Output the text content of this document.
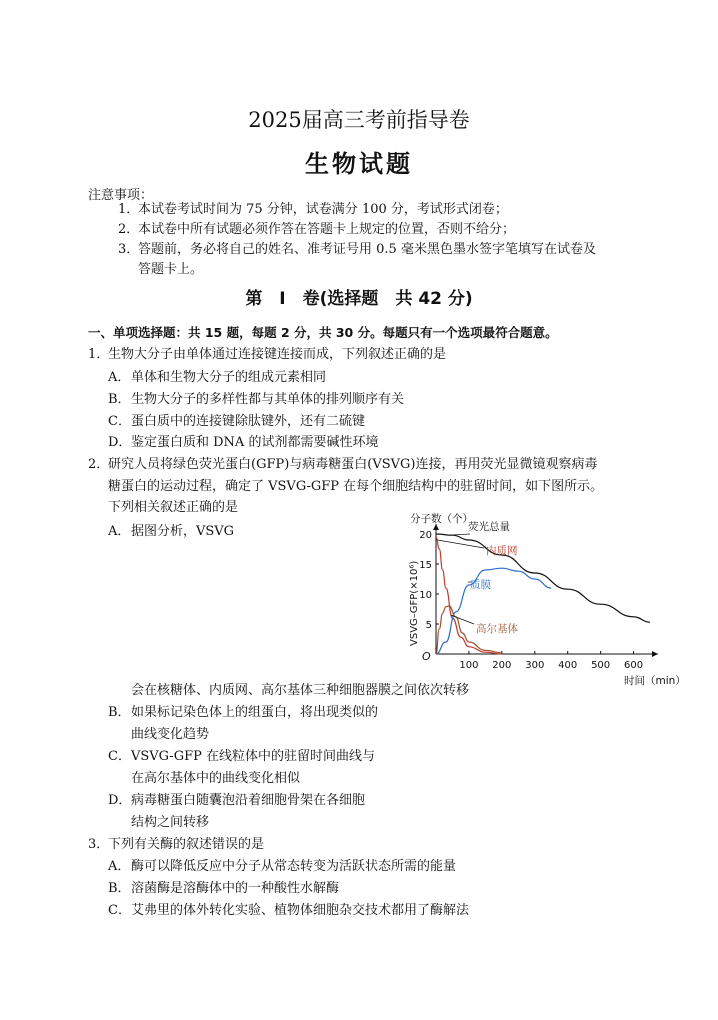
2025届高三考前指导卷
生物试题
注意事项：
1．
本试卷考试时间为 75 分钟，试卷满分 100 分，考试形式闭卷；
2．
本试卷中所有试题必须作答在答题卡上规定的位置，否则不给分；
3．
答题前，务必将自己的姓名、准考证号用 0.5 毫米黑色墨水签字笔填写在试卷及
答题卡上。
第　I　卷(选择题　共 42 分)
一、单项选择题：共 15 题，每题 2 分，共 30 分。每题只有一个选项最符合题意。
1．
生物大分子由单体通过连接键连接而成，下列叙述正确的是
A． 单体和生物大分子的组成元素相同
B． 生物大分子的多样性都与其单体的排列顺序有关
C． 蛋白质中的连接键除肽键外，还有二硫键
D． 鉴定蛋白质和 DNA 的试剂都需要碱性环境
2．
研究人员将绿色荧光蛋白(GFP)与病毒糖蛋白(VSVG)连接，再用荧光显微镜观察病毒
糖蛋白的运动过程，确定了 VSVG-GFP 在每个细胞结构中的驻留时间，如下图所示。
下列相关叙述正确的是
A． 据图分析，VSVG
会在核糖体、内质网、高尔基体三种细胞器膜之间依次转移
B． 如果标记染色体上的组蛋白，将出现类似的
曲线变化趋势
C． VSVG-GFP 在线粒体中的驻留时间曲线与
在高尔基体中的曲线变化相似
D． 病毒糖蛋白随囊泡沿着细胞骨架在各细胞
结构之间转移
100 200 300 400 500 600
5
10
15
20
荧光总量
内质网
质膜
高尔基体
分子数（个）
VSVG–GFP(×10⁶)
时间（min）
O
3．
下列有关酶的叙述错误的是
A． 酶可以降低反应中分子从常态转变为活跃状态所需的能量
B． 溶菌酶是溶酶体中的一种酸性水解酶
C． 艾弗里的体外转化实验、植物体细胞杂交技术都用了酶解法
